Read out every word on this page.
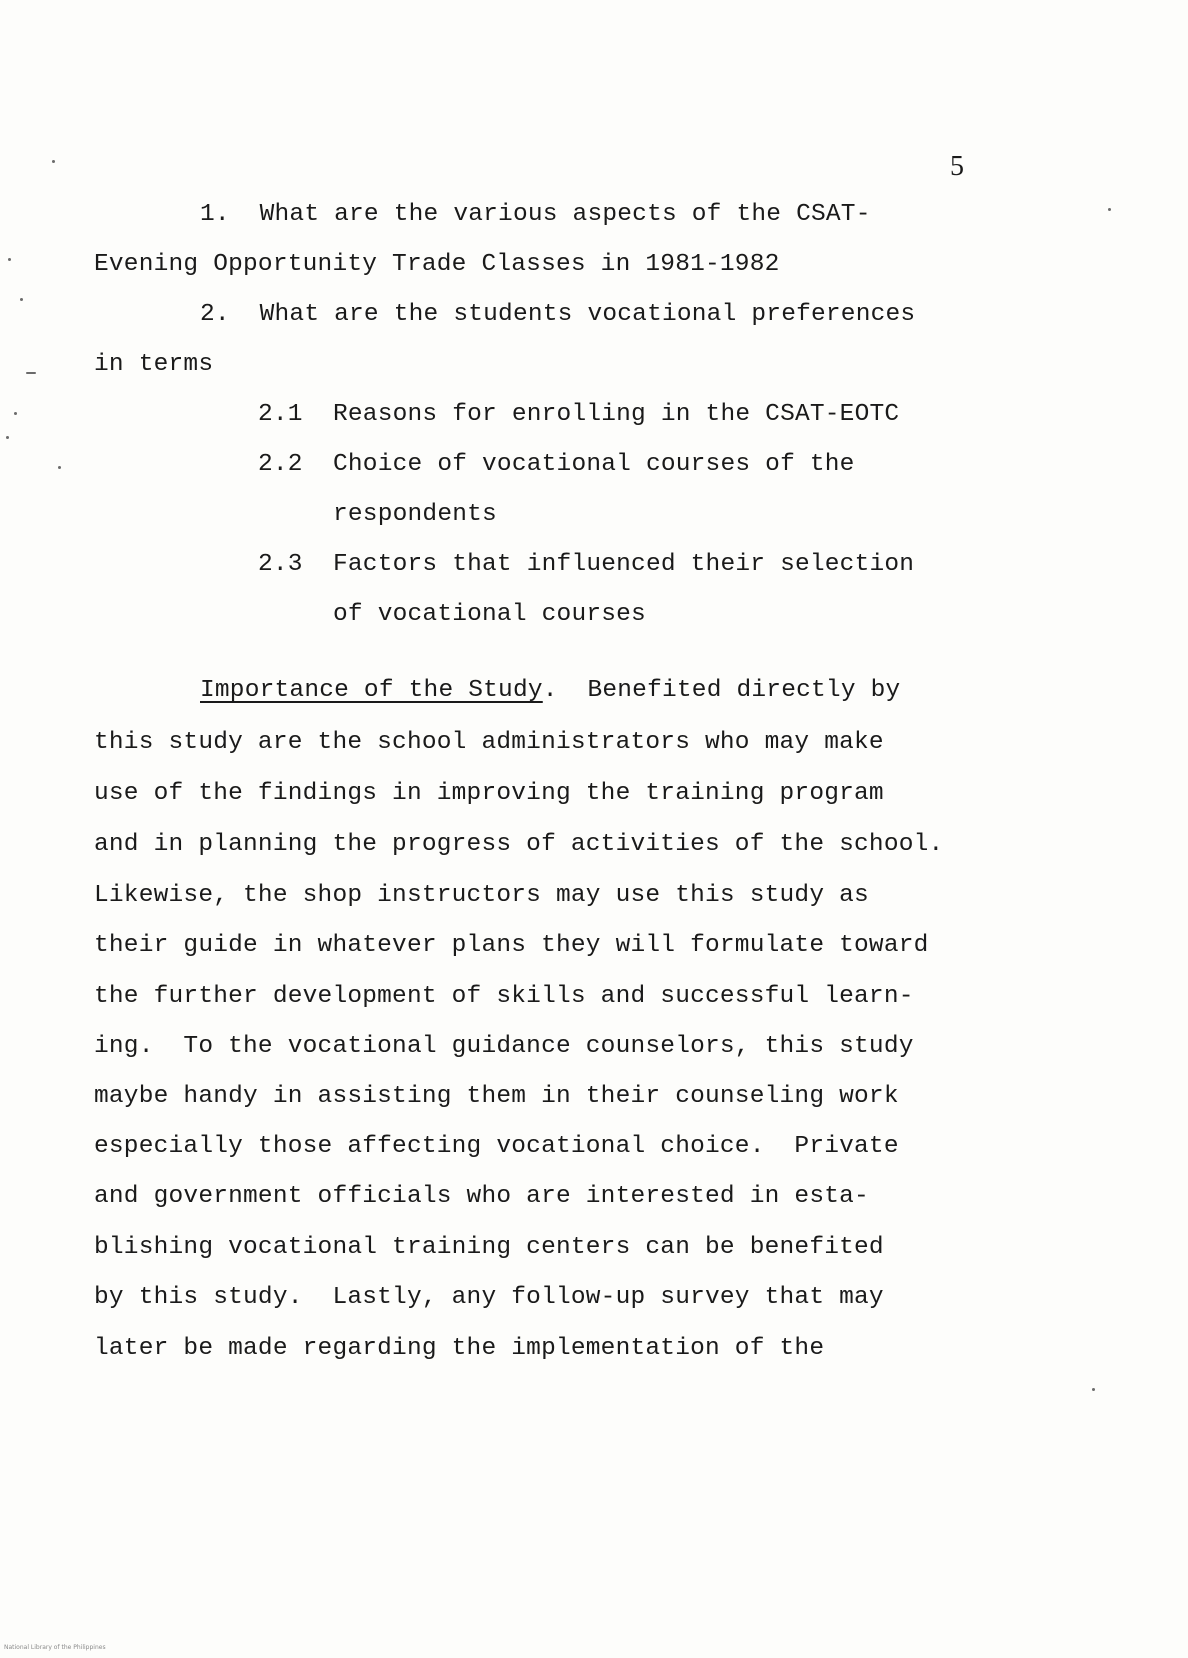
5
1.  What are the various aspects of the CSAT-
Evening Opportunity Trade Classes in 1981-1982
2.  What are the students vocational preferences
in terms
2.1 Reasons for enrolling in the CSAT-EOTC
2.2 Choice of vocational courses of the
respondents
2.3 Factors that influenced their selection
of vocational courses
Importance of the Study.  Benefited directly by
this study are the school administrators who may make
use of the findings in improving the training program
and in planning the progress of activities of the school.
Likewise, the shop instructors may use this study as
their guide in whatever plans they will formulate toward
the further development of skills and successful learn-
ing.  To the vocational guidance counselors, this study
maybe handy in assisting them in their counseling work
especially those affecting vocational choice.  Private
and government officials who are interested in esta-
blishing vocational training centers can be benefited
by this study.  Lastly, any follow-up survey that may
later be made regarding the implementation of the
National Library of the Philippines
